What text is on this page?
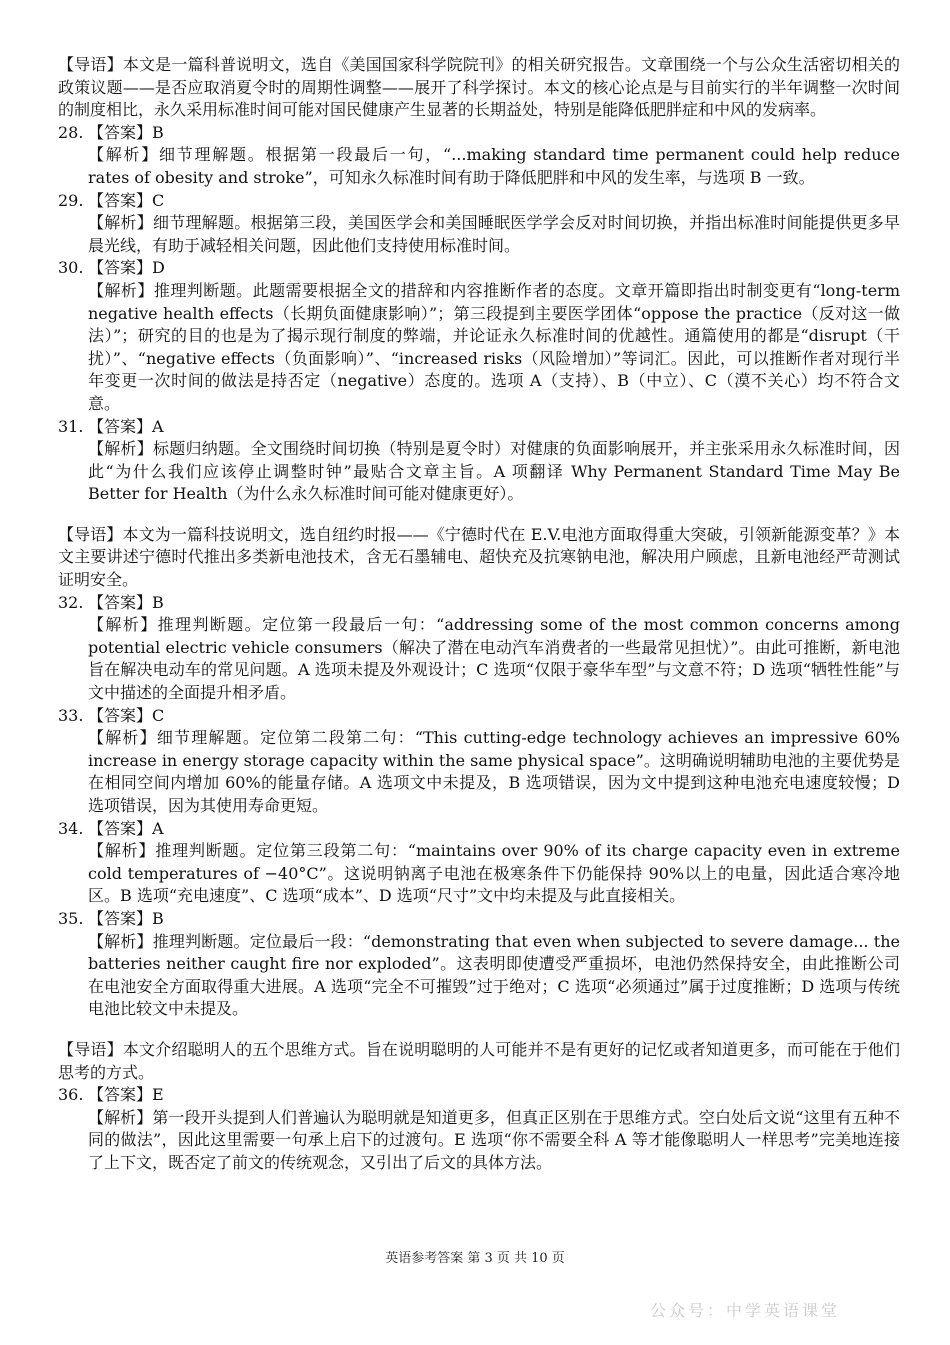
【导语】本文是一篇科普说明文，选自《美国国家科学院院刊》的相关研究报告。文章围绕一个与公众生活密切相关的政策议题——是否应取消夏令时的周期性调整——展开了科学探讨。本文的核心论点是与目前实行的半年调整一次时间的制度相比，永久采用标准时间可能对国民健康产生显著的长期益处，特别是能降低肥胖症和中风的发病率。

28. 【答案】 B

【解析】细节理解题。根据第一段最后一句，“...making standard time permanent could help reduce rates of obesity and stroke”，可知永久标准时间有助于降低肥胖和中风的发生率，与选项 B 一致。

29. 【答案】 C

【解析】细节理解题。根据第三段，美国医学会和美国睡眠医学学会反对时间切换，并指出标准时间能提供更多早晨光线，有助于减轻相关问题，因此他们支持使用标准时间。

30. 【答案】 D

【解析】推理判断题。此题需要根据全文的措辞和内容推断作者的态度。文章开篇即指出时制变更有“long-term negative health effects（长期负面健康影响）”；第三段提到主要医学团体“oppose the practice（反对这一做法）”；研究的目的也是为了揭示现行制度的弊端，并论证永久标准时间的优越性。通篇使用的都是“disrupt（干扰）”、“negative effects（负面影响）”、“increased risks（风险增加）”等词汇。因此，可以推断作者对现行半年变更一次时间的做法是持否定（negative）态度的。选项 A（支持）、B（中立）、C（漠不关心）均不符合文意。

31. 【答案】 A

【解析】标题归纳题。全文围绕时间切换（特别是夏令时）对健康的负面影响展开，并主张采用永久标准时间，因此“为什么我们应该停止调整时钟”最贴合文章主旨。A 项翻译 Why Permanent Standard Time May Be Better for Health（为什么永久标准时间可能对健康更好）。

【导语】本文为一篇科技说明文，选自纽约时报——《宁德时代在 E.V.电池方面取得重大突破，引领新能源变革？》本文主要讲述宁德时代推出多类新电池技术，含无石墨辅电、超快充及抗寒钠电池，解决用户顾虑，且新电池经严苛测试证明安全。

32. 【答案】 B

【解析】推理判断题。定位第一段最后一句：“addressing some of the most common concerns among potential electric vehicle consumers（解决了潜在电动汽车消费者的一些最常见担忧）”。由此可推断，新电池旨在解决电动车的常见问题。A 选项未提及外观设计；C 选项“仅限于豪华车型”与文意不符；D 选项“牺牲性能”与文中描述的全面提升相矛盾。

33. 【答案】 C

【解析】细节理解题。定位第二段第二句：“This cutting-edge technology achieves an impressive 60% increase in energy storage capacity within the same physical space”。这明确说明辅助电池的主要优势是在相同空间内增加 60%的能量存储。A 选项文中未提及，B 选项错误，因为文中提到这种电池充电速度较慢；D 选项错误，因为其使用寿命更短。

34. 【答案】 A

【解析】推理判断题。定位第三段第二句：“maintains over 90% of its charge capacity even in extreme cold temperatures of −40°C”。这说明钠离子电池在极寒条件下仍能保持 90%以上的电量，因此适合寒冷地区。B 选项“充电速度”、C 选项“成本”、D 选项“尺寸”文中均未提及与此直接相关。

35. 【答案】 B

【解析】推理判断题。定位最后一段：“demonstrating that even when subjected to severe damage... the batteries neither caught fire nor exploded”。这表明即使遭受严重损坏，电池仍然保持安全，由此推断公司在电池安全方面取得重大进展。A 选项“完全不可摧毁”过于绝对；C 选项“必须通过”属于过度推断；D 选项与传统电池比较文中未提及。

【导语】本文介绍聪明人的五个思维方式。旨在说明聪明的人可能并不是有更好的记忆或者知道更多，而可能在于他们思考的方式。

36. 【答案】 E

【解析】第一段开头提到人们普遍认为聪明就是知道更多，但真正区别在于思维方式。空白处后文说“这里有五种不同的做法”，因此这里需要一句承上启下的过渡句。E 选项“你不需要全科 A 等才能像聪明人一样思考”完美地连接了上下文，既否定了前文的传统观念，又引出了后文的具体方法。

英语参考答案 第 3 页 共 10 页
公众号：中学英语课堂
